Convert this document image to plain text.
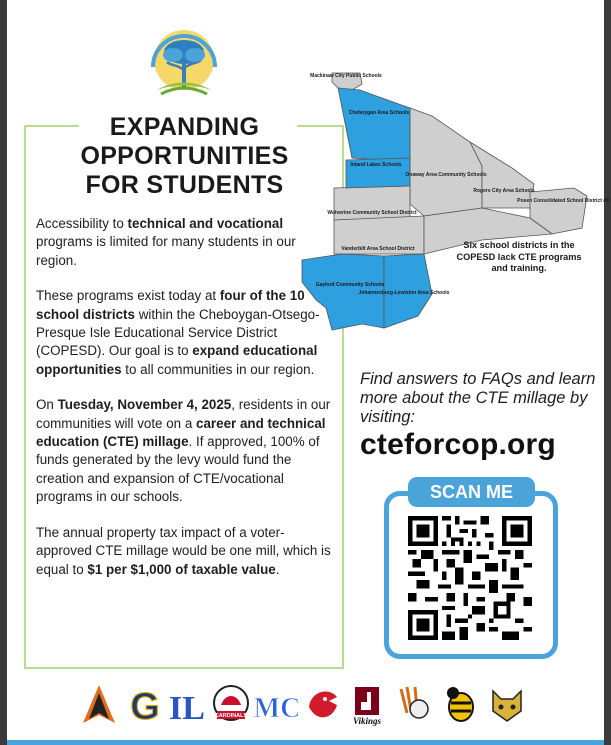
EXPANDING
OPPORTUNITIES
FOR STUDENTS

Accessibility to technical and vocational programs is limited for many students in our region.

These programs exist today at four of the 10 school districts within the Cheboygan-Otsego-Presque Isle Educational Service District (COPESD). Our goal is to expand educational opportunities to all communities in our region.

On Tuesday, November 4, 2025, residents in our communities will vote on a career and technical education (CTE) millage. If approved, 100% of funds generated by the levy would fund the creation and expansion of CTE/vocational programs in our schools.

The annual property tax impact of a voter-approved CTE millage would be one mill, which is equal to $1 per $1,000 of taxable value.

Mackinaw City Public Schools
Cheboygan Area Schools
Inland Lakes Schools
Onaway Area Community Schools
Rogers City Area Schools
Posen Consolidated School District #9
Wolverine Community School District
Vanderbilt Area School District
Gaylord Community Schools
Johannesburg-Lewiston Area Schools
Six school districts in the COPESD lack CTE programs and training.
Find answers to FAQs and learn more about the CTE millage by visiting:
cteforcop.org
SCAN ME
G IL CARDINALS MC	Vikings
